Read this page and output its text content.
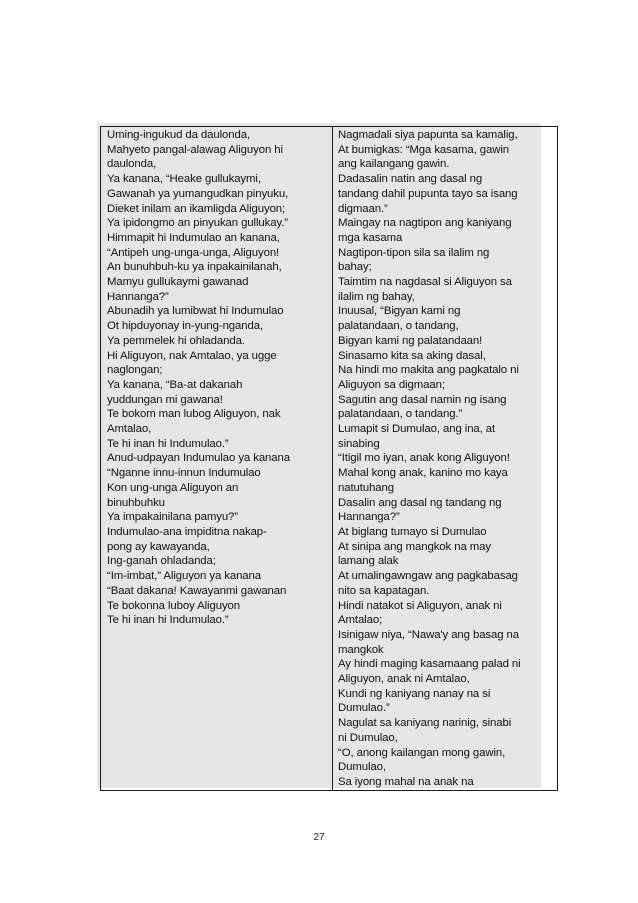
Uming-ingukud da daulonda,
Mahyeto pangal-alawag Aliguyon hi
daulonda,
Ya kanana, “Heake gullukaymi,
Gawanah ya yumangudkan pinyuku,
Dieket inilam an ikamligda Aliguyon;
Ya ipidongmo an pinyukan gullukay.”
Himmapit hi Indumulao an kanana,
“Antipeh ung-unga-unga, Aliguyon!
An bunuhbuh-ku ya inpakainilanah,
Mamyu gullukaymi gawanad
Hannanga?”
Abunadih ya lumibwat hi Indumulao
Ot hipduyonay in-yung-nganda,
Ya pemmelek hi ohladanda.
Hi Aliguyon, nak Amtalao, ya ugge
naglongan;
Ya kanana, “Ba-at dakanah
yuddungan mi gawana!
Te bokom man lubog Aliguyon, nak
Amtalao,
Te hi inan hi Indumulao.”
Anud-udpayan Indumulao ya kanana
“Nganne innu-innun Indumulao
Kon ung-unga Aliguyon an
binuhbuhku
Ya impakainilana pamyu?”
Indumulao-ana impiditna nakap-
pong ay kawayanda,
Ing-ganah ohladanda;
“Im-imbat,” Aliguyon ya kanana
“Baat dakana! Kawayanmi gawanan
Te bokonna luboy Aliguyon
Te hi inan hi Indumulao.”

Nagmadali siya papunta sa kamalig,
At bumigkas: “Mga kasama, gawin
ang kailangang gawin.
Dadasalin natin ang dasal ng
tandang dahil pupunta tayo sa isang
digmaan.”
Maingay na nagtipon ang kaniyang
mga kasama
Nagtipon-tipon sila sa ilalim ng
bahay;
Taimtim na nagdasal si Aliguyon sa
ilalim ng bahay,
Inuusal, “Bigyan kami ng
palatandaan, o tandang,
Bigyan kami ng palatandaan!
Sinasamo kita sa aking dasal,
Na hindi mo makita ang pagkatalo ni
Aliguyon sa digmaan;
Sagutin ang dasal namin ng isang
palatandaan, o tandang.”
Lumapit si Dumulao, ang ina, at
sinabing
“Itigil mo iyan, anak kong Aliguyon!
Mahal kong anak, kanino mo kaya
natutuhang
Dasalin ang dasal ng tandang ng
Hannanga?”
At biglang tumayo si Dumulao
At sinipa ang mangkok na may
lamang alak
At umalingawngaw ang pagkabasag
nito sa kapatagan.
Hindi natakot si Aliguyon, anak ni
Amtalao;
Isinigaw niya, “Nawa'y ang basag na
mangkok
Ay hindi maging kasamaang palad ni
Aliguyon, anak ni Amtalao,
Kundi ng kaniyang nanay na si
Dumulao.”
Nagulat sa kaniyang narinig, sinabi
ni Dumulao,
“O, anong kailangan mong gawin,
Dumulao,
Sa iyong mahal na anak na
27
